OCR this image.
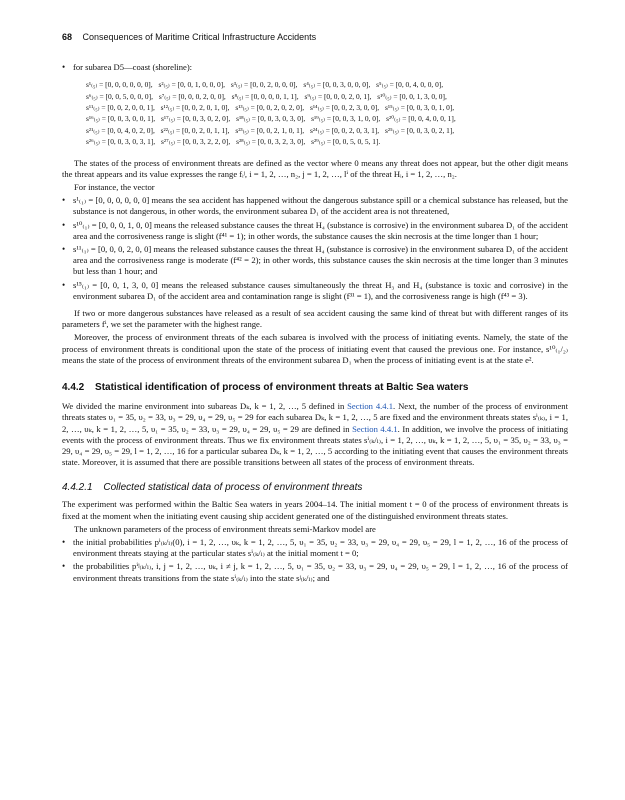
68 Consequences of Maritime Critical Infrastructure Accidents
• for subarea D5—coast (shoreline):
s¹₍₅₎ = [0, 0, 0, 0, 0, 0], s²₍₅₎ = [0, 0, 1, 0, 0, 0], s³₍₅₎ = [0, 0, 2, 0, 0, 0], s⁴₍₅₎ = [0, 0, 3, 0, 0, 0], s⁵₍₅₎ = [0, 0, 4, 0, 0, 0],
s⁶₍₅₎ = [0, 0, 5, 0, 0, 0], s⁷₍₅₎ = [0, 0, 0, 2, 0, 0], s⁸₍₅₎ = [0, 0, 0, 0, 1, 1], s⁹₍₅₎ = [0, 0, 0, 2, 0, 1], s¹⁰₍₅₎ = [0, 0, 1, 3, 0, 0],
s¹¹₍₅₎ = [0, 0, 2, 0, 0, 1], s¹²₍₅₎ = [0, 0, 2, 0, 1, 0], s¹³₍₅₎ = [0, 0, 2, 0, 2, 0], s¹⁴₍₅₎ = [0, 0, 2, 3, 0, 0], s¹⁵₍₅₎ = [0, 0, 3, 0, 1, 0],
s¹⁶₍₅₎ = [0, 0, 3, 0, 0, 1], s¹⁷₍₅₎ = [0, 0, 3, 0, 2, 0], s¹⁸₍₅₎ = [0, 0, 3, 0, 3, 0], s¹⁹₍₅₎ = [0, 0, 3, 1, 0, 0], s²⁰₍₅₎ = [0, 0, 4, 0, 0, 1],
s²¹₍₅₎ = [0, 0, 4, 0, 2, 0], s²²₍₅₎ = [0, 0, 2, 0, 1, 1], s²³₍₅₎ = [0, 0, 2, 1, 0, 1], s²⁴₍₅₎ = [0, 0, 2, 0, 3, 1], s²⁵₍₅₎ = [0, 0, 3, 0, 2, 1],
s²⁶₍₅₎ = [0, 0, 3, 0, 3, 1], s²⁷₍₅₎ = [0, 0, 3, 2, 2, 0], s²⁸₍₅₎ = [0, 0, 3, 2, 3, 0], s²⁹₍₅₎ = [0, 0, 5, 0, 5, 1].

The states of the process of environment threats are defined as the vector where 0 means any threat does not appear, but the other digit means the threat appears and its value expresses the range fᵢʲ, i = 1, 2, …, n₂, j = 1, 2, …, lⁱ of the threat Hᵢ, i = 1, 2, …, n₂.

For instance, the vector

• s¹₍₁₎ = [0, 0, 0, 0, 0, 0] means the sea accident has happened without the dangerous substance spill or a chemical substance has released, but the substance is not dangerous, in other words, the environment subarea D₁ of the accident area is not threatened,
• s¹⁰₍₁₎ = [0, 0, 0, 1, 0, 0] means the released substance causes the threat H₄ (substance is corrosive) in the environment subarea D₁ of the accident area and the corrosiveness range is slight (f⁴¹ = 1); in other words, the substance causes the skin necrosis at the time longer than 1 hour;
• s¹¹₍₁₎ = [0, 0, 0, 2, 0, 0] means the released substance causes the threat H₄ (substance is corrosive) in the environment subarea D₁ of the accident area and the corrosiveness range is moderate (f⁴² = 2); in other words, this substance causes the skin necrosis at the time longer than 3 minutes but less than 1 hour; and
• s¹⁵₍₁₎ = [0, 0, 1, 3, 0, 0] means the released substance causes simultaneously the threat H₃ and H₄ (substance is toxic and corrosive) in the environment subarea D₁ of the accident area and contamination range is slight (f³¹ = 1), and the corrosiveness range is high (f⁴³ = 3).

If two or more dangerous substances have released as a result of sea accident causing the same kind of threat but with different ranges of its parameters fⁱ, we set the parameter with the highest range.

Moreover, the process of environment threats of the each subarea is involved with the process of initiating events. Namely, the state of the process of environment threats is conditional upon the state of the process of initiating event that caused the previous one. For instance, s¹⁰₍₁/₂₎ means the state of the process of environment threats of the environment subarea D₁ when the process of initiating event is at the state e².

4.4.2 Statistical identification of process of environment threats at Baltic Sea waters

We divided the marine environment into subareas Dₖ, k = 1, 2, …, 5 defined in Section 4.4.1. Next, the number of the process of environment threats states υ₁ = 35, υ₂ = 33, υ₃ = 29, υ₄ = 29, υ₅ = 29 for each subarea Dₖ, k = 1, 2, …, 5 are fixed and the environment threats states sⁱ₍ₖ₎, i = 1, 2, …, υₖ, k = 1, 2, …, 5, υ₁ = 35, υ₂ = 33, υ₃ = 29, υ₄ = 29, υ₅ = 29 are defined in Section 4.4.1. In addition, we involve the process of initiating events with the process of environment threats. Thus we fix environment threats states sⁱ₍ₖ/ₗ₎, i = 1, 2, …, υₖ, k = 1, 2, …, 5, υ₁ = 35, υ₂ = 33, υ₃ = 29, υ₄ = 29, υ₅ = 29, l = 1, 2, …, 16 for a particular subarea Dₖ, k = 1, 2, …, 5 according to the initiating event that causes the environment threats state. Moreover, it is assumed that there are possible transitions between all states of the process of environment threats.

4.4.2.1 Collected statistical data of process of environment threats

The experiment was performed within the Baltic Sea waters in years 2004–14. The initial moment t = 0 of the process of environment threats is fixed at the moment when the initiating event causing ship accident generated one of the distinguished environment threats states.

The unknown parameters of the process of environment threats semi-Markov model are

• the initial probabilities pⁱ₍ₖ/ₗ₎(0), i = 1, 2, …, υₖ, k = 1, 2, …, 5, υ₁ = 35, υ₂ = 33, υ₃ = 29, υ₄ = 29, υ₅ = 29, l = 1, 2, …, 16 of the process of environment threats staying at the particular states sⁱ₍ₖ/ₗ₎ at the initial moment t = 0;
• the probabilities pⁱʲ₍ₖ/ₗ₎, i, j = 1, 2, …, υₖ, i ≠ j, k = 1, 2, …, 5, υ₁ = 35, υ₂ = 33, υ₃ = 29, υ₄ = 29, υ₅ = 29, l = 1, 2, …, 16 of the process of environment threats transitions from the state sⁱ₍ₖ/ₗ₎ into the state sʲ₍ₖ/ₗ₎; and
